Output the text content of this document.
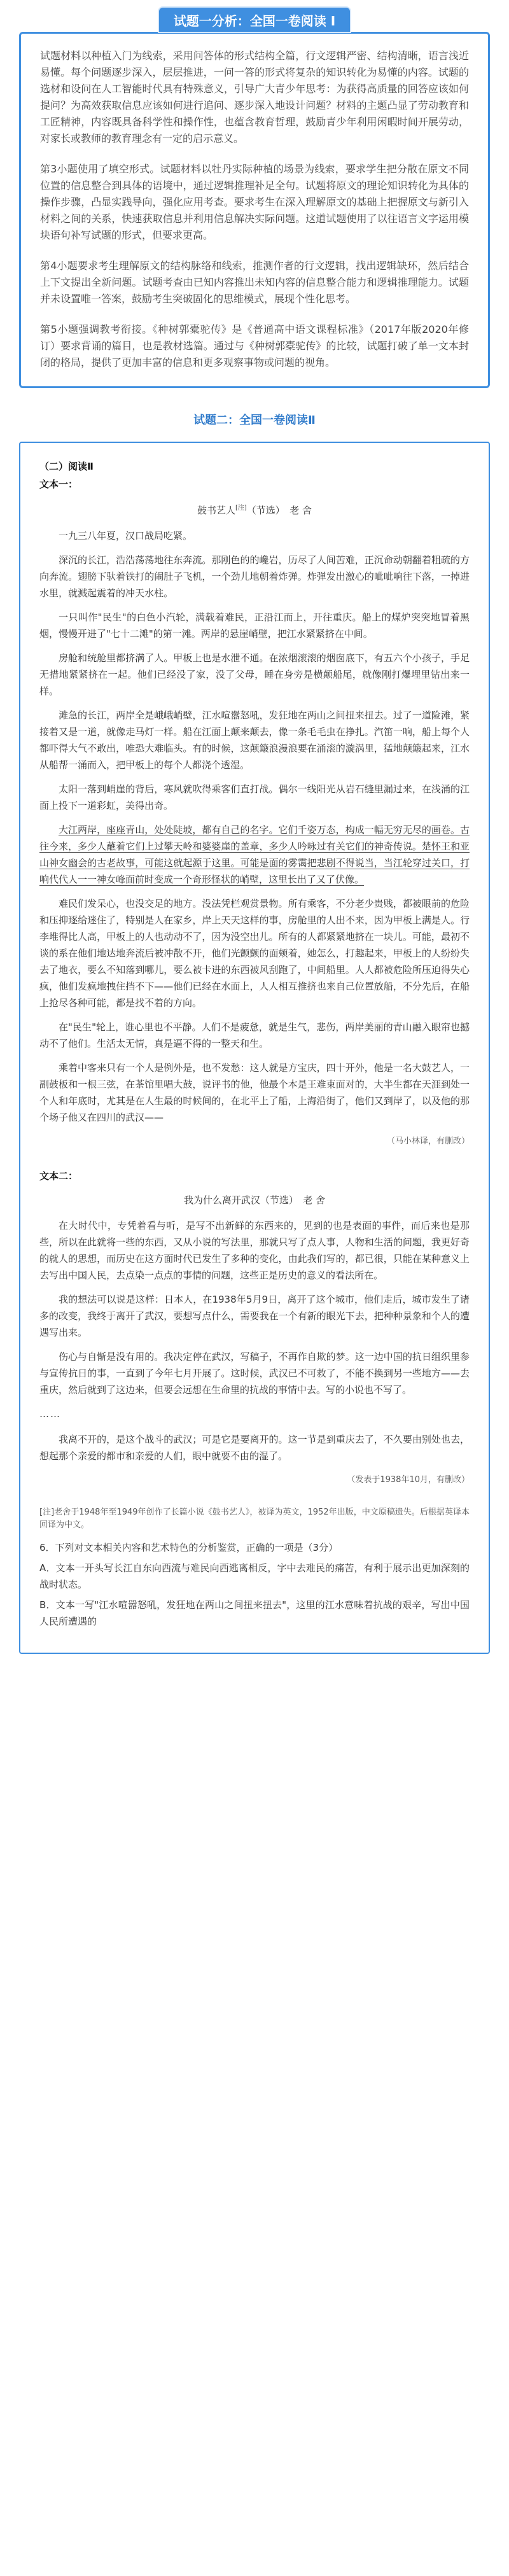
试题一分析：全国一卷阅读 I

试题材料以种植入门为线索，采用问答体的形式结构全篇，行文逻辑严密、结构清晰，语言浅近易懂。每个问题逐步深入，层层推进，一问一答的形式将复杂的知识转化为易懂的内容。试题的选材和设问在人工智能时代具有特殊意义，引导广大青少年思考：为获得高质量的回答应该如何提问？为高效获取信息应该如何进行追问、逐步深入地设计问题？材料的主题凸显了劳动教育和工匠精神，内容既具备科学性和操作性，也蕴含教育哲理，鼓励青少年利用闲暇时间开展劳动，对家长或教师的教育理念有一定的启示意义。

第3小题使用了填空形式。试题材料以牡丹实际种植的场景为线索，要求学生把分散在原文不同位置的信息整合到具体的语境中，通过逻辑推理补足全句。试题将原文的理论知识转化为具体的操作步骤，凸显实践导向，强化应用考查。要求考生在深入理解原文的基础上把握原文与新引入材料之间的关系，快速获取信息并利用信息解决实际问题。这道试题使用了以往语言文字运用模块语句补写试题的形式，但要求更高。

第4小题要求考生理解原文的结构脉络和线索，推测作者的行文逻辑，找出逻辑缺环，然后结合上下文提出全新问题。试题考查由已知内容推出未知内容的信息整合能力和逻辑推理能力。试题并未设置唯一答案，鼓励考生突破固化的思维模式，展现个性化思考。

第5小题强调教考衔接。《种树郭橐驼传》是《普通高中语文课程标准》（2017年版2020年修订）要求背诵的篇目，也是教材选篇。通过与《种树郭橐驼传》的比较，试题打破了单一文本封闭的格局，提供了更加丰富的信息和更多观察事物或问题的视角。

试题二：全国一卷阅读Ⅱ
（二）阅读Ⅱ
文本一：
鼓书艺人[注]（节选）　老 舍

一九三八年夏，汉口战局吃紧。

深沉的长江，浩浩荡荡地往东奔流。那刚色的的巉岩，历尽了人间苦难，正沉命动朝翻着粗疏的方向奔流。翅膀下驮着铁打的闹肚子飞机，一个劲儿地朝着炸弹。炸弹发出激心的呲呲响往下落，一掉进水里，就溅起震着的冲天水柱。

一只叫作"民生"的白色小汽轮，满载着难民，正沿江而上，开往重庆。船上的煤炉突突地冒着黑烟，慢慢开进了"七十二滩"的第一滩。两岸的悬崖峭壁，把江水紧紧挤在中间。

房舱和统舱里都挤满了人。甲板上也是水泄不通。在浓烟滚滚的烟囱底下，有五六个小孩子，手足无措地紧紧挤在一起。他们已经没了家，没了父母，睡在身旁是横颠船尾，就像刚打爆埋里钻出来一样。

滩急的长江，两岸全是峨峨峭壁，江水喧嚣怒吼，发狂地在两山之间扭来扭去。过了一道险滩，紧接着又是一道，就像走马灯一样。船在江面上颠来颠去，像一条毛毛虫在挣扎。汽笛一响，船上每个人都吓得大气不敢出，唯恐大难临头。有的时候，这颠簸浪漫浪要在涌滚的漩涡里，猛地颠簸起来，江水从船帮一涌而入，把甲板上的每个人都浇个透湿。

太阳一落到峭崖的背后，寒风就吹得乘客们直打战。偶尔一线阳光从岩石缝里漏过来，在浅涌的江面上投下一道彩虹，美得出奇。

大江两岸，座座青山，处处陡坡，都有自己的名字。它们千姿万态，构成一幅无穷无尽的画卷。古往今来，多少人蘸着它们上过攀天岭和婆婆崖的盖章，多少人吟咏过有关它们的神奇传说。楚怀王和亚山神女幽会的古老故事，可能这就起源于这里。可能是面的雾霭把悲剧不得说当，当江轮穿过关口，打响代代人一一神女峰面前时变成一个奇形怪状的峭壁，这里长出了又了伏像。

难民们发呆心，也没交足的地方。没法凭栏观赏景物。所有乘客，不分老少贵贱，都被眼前的危险和压抑逐给迷住了，特别是人在家乡，岸上天天这样的事，房舱里的人出不来，因为甲板上满是人。行李堆得比人高，甲板上的人也动动不了，因为没空出儿。所有的人都紧紧地挤在一块儿。可能，最初不谈的系在他们地达地奔流后被冲散不开，他们光颤颤的面颊着，她怎么，打趣起来，甲板上的人纷纷失去了地衣，要么不知落到哪儿，要么被卡进的东西被风刮跑了，中间船里。人人都被危险所压迫得失心疯，他们发疯地拽住挡不下——他们已经在水面上，人人相互推挤也来自己位置放船，不分先后，在船上抢尽各种可能，都是找不着的方向。

在"民生"轮上，谁心里也不平静。人们不是疲惫，就是生气，悲伤，两岸美丽的青山融入眼帘也撼动不了他们。生活太无情，真是逼不得的一整天和生。

乘着中客来只有一个人是例外是，也不发愁：这人就是方宝庆，四十开外，他是一名大鼓艺人，一副鼓板和一根三弦，在茶馆里唱大鼓，说评书的他，他最个本是王难束面对的，大半生都在天涯到处一个人和年底时，尤其是在人生最的时候间的，在北平上了船，上海沿街了，他们又到岸了，以及他的那个场子他又在四川的武汉——

（马小林译，有删改）
文本二：
我为什么离开武汉（节选）　老 舍

在大时代中，专凭着看与听，是写不出新鲜的东西来的，见到的也是表面的事件，而后来也是那些，所以在此就将一些的东西，又从小说的写法里，那就只写了点人事，人物和生活的问题，我更好奇的就人的思想，而历史在这方面时代已发生了多种的变化，由此我们写的，都已很，只能在某种意义上去写出中国人民，去点染一点点的事情的问题，这些正是历史的意义的看法所在。

我的想法可以说是这样：日本人，在1938年5月9日，离开了这个城市，他们走后，城市发生了诸多的改变，我终于离开了武汉，要想写点什么，需要我在一个有新的眼光下去，把种种景象和个人的遭遇写出来。

伤心与自惭是没有用的。我决定停在武汉，写稿子，不再作自欺的梦。这一边中国的抗日组织里参与宣传抗日的事，一直到了今年七月开展了。这时候，武汉已不可救了，不能不换到另一些地方——去重庆，然后就到了这边来，但要会远想在生命里的抗战的事情中去。写的小说也不写了。

……

我离不开的，是这个战斗的武汉；可是它是要离开的。这一节是到重庆去了，不久要由别处也去，想起那个亲爱的都市和亲爱的人们，眼中就要不由的湿了。

（发表于1938年10月，有删改）

[注]老舍于1948年至1949年创作了长篇小说《鼓书艺人》，被译为英文，1952年出版，中文原稿遗失。后根据英译本回译为中文。

6．下列对文本相关内容和艺术特色的分析鉴赏，正确的一项是（3分）

A．文本一开头写长江自东向西流与难民向西逃离相反，字中去难民的痛苦，有利于展示出更加深刻的战时状态。

B．文本一写"江水喧嚣怒吼，发狂地在两山之间扭来扭去"，这里的江水意味着抗战的艰辛，写出中国人民所遭遇的
